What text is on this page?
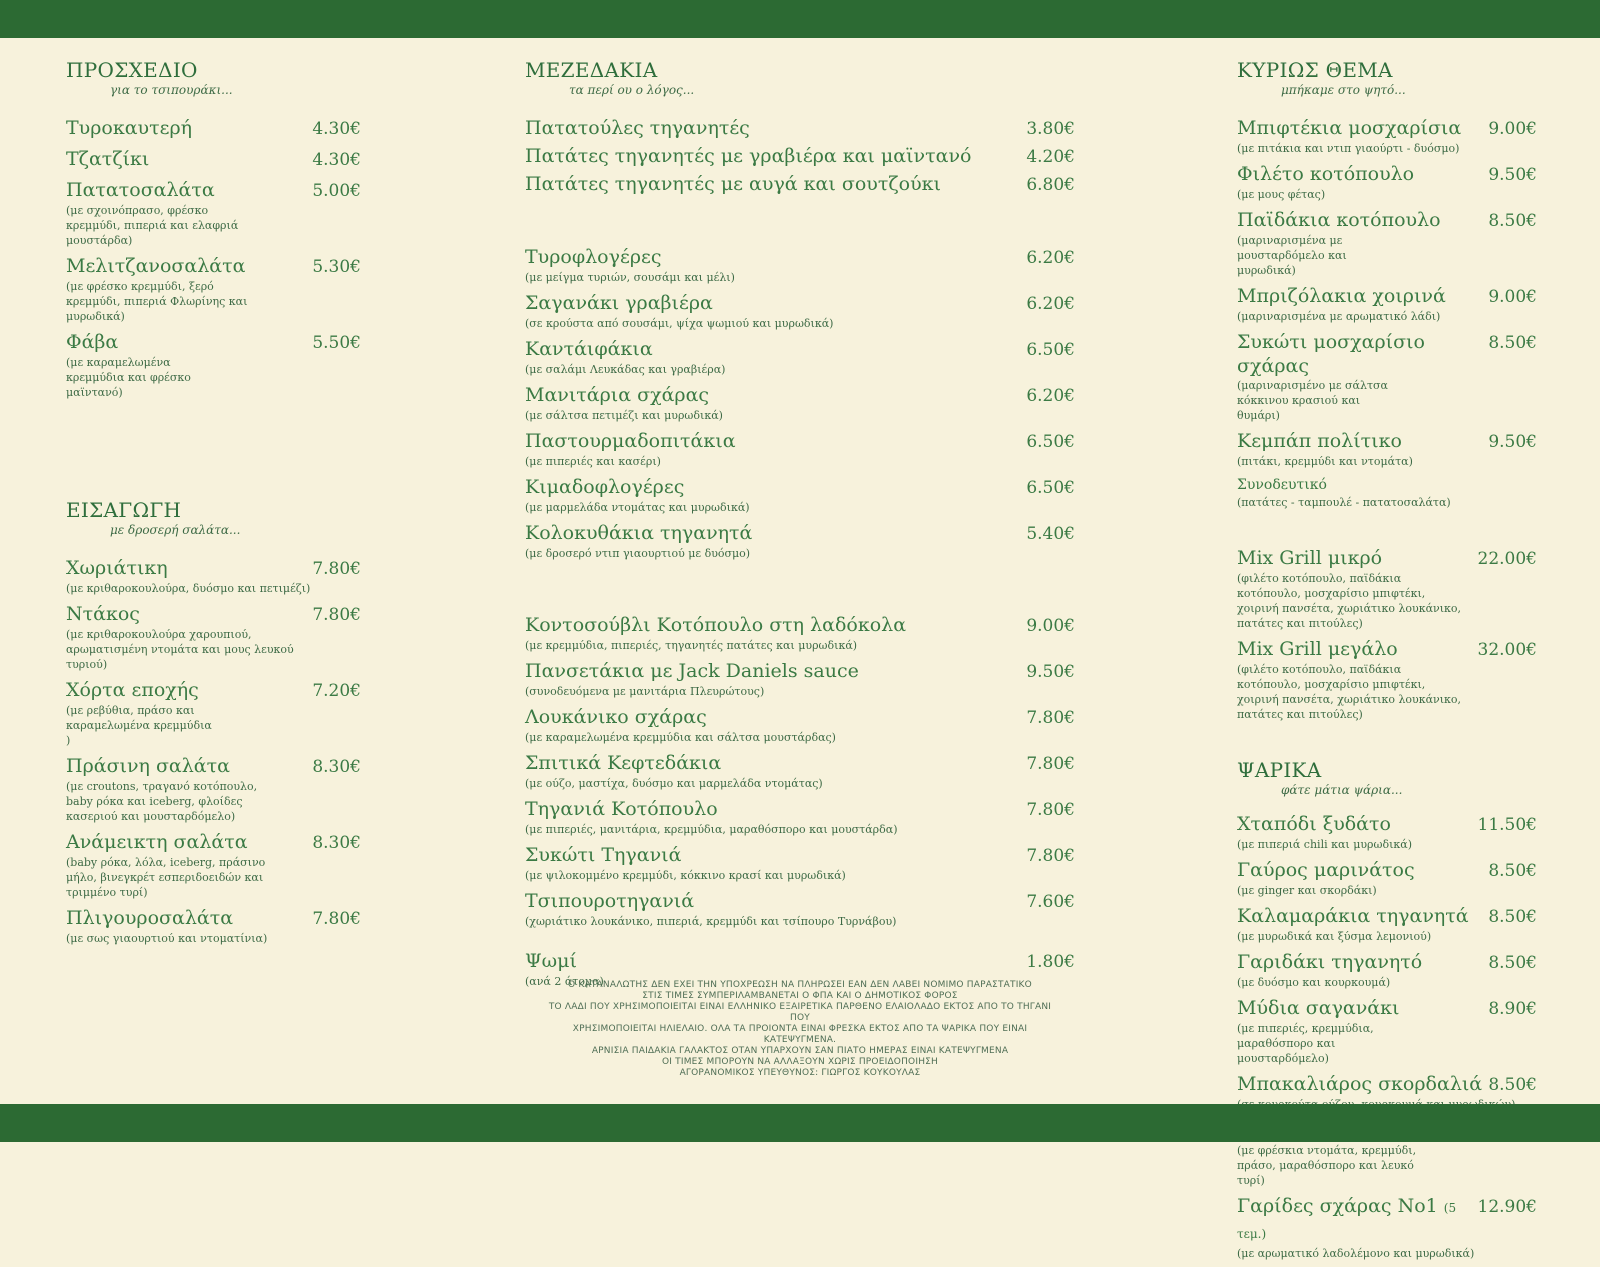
ΠΡΟΣΧΕΔΙΟ
για το τσιπουράκι...
Τυροκαυτερή	4.30€
Τζατζίκι	4.30€
Πατατοσαλάτα	5.00€
(με σχοινόπρασο, φρέσκο κρεμμύδι, πιπεριά και ελαφριά μουστάρδα)
Μελιτζανοσαλάτα	5.30€
(με φρέσκο κρεμμύδι, ξερό κρεμμύδι, πιπεριά Φλωρίνης και μυρωδικά)
Φάβα	5.50€
(με καραμελωμένα κρεμμύδια και φρέσκο μαϊντανό)
ΕΙΣΑΓΩΓΗ
με δροσερή σαλάτα...
Χωριάτικη	7.80€
(με κριθαροκουλούρα, δυόσμο και πετιμέζι)
Ντάκος	7.80€
(με κριθαροκουλούρα χαρουπιού, αρωματισμένη ντομάτα και μους λευκού τυριού)
Χόρτα εποχής	7.20€
(με ρεβύθια, πράσο και καραμελωμένα κρεμμύδια )
Πράσινη σαλάτα	8.30€
(με croutons, τραγανό κοτόπουλο, baby ρόκα και iceberg, φλοίδες κασεριού και μουσταρδόμελο)
Ανάμεικτη σαλάτα	8.30€
(baby ρόκα, λόλα, iceberg, πράσινο μήλο, βινεγκρέτ εσπεριδοειδών και τριμμένο τυρί)
Πλιγουροσαλάτα	7.80€
(με σως γιαουρτιού και ντοματίνια)
ΜΕΖΕΔΑΚΙΑ
τα περί ου ο λόγος...
Πατατούλες τηγανητές	3.80€
Πατάτες τηγανητές με γραβιέρα και μαϊντανό	4.20€
Πατάτες τηγανητές με αυγά και σουτζούκι	6.80€
Τυροφλογέρες	6.20€
(με μείγμα τυριών, σουσάμι και μέλι)
Σαγανάκι γραβιέρα	6.20€
(σε κρούστα από σουσάμι, ψίχα ψωμιού και μυρωδικά)
Καντάιφάκια	6.50€
(με σαλάμι Λευκάδας και γραβιέρα)
Μανιτάρια σχάρας	6.20€
(με σάλτσα πετιμέζι και μυρωδικά)
Παστουρμαδοπιτάκια	6.50€
(με πιπεριές και κασέρι)
Κιμαδοφλογέρες	6.50€
(με μαρμελάδα ντομάτας και μυρωδικά)
Κολοκυθάκια τηγανητά	5.40€
(με δροσερό ντιπ γιαουρτιού με δυόσμο)
Κοντοσούβλι Κοτόπουλο στη λαδόκολα	9.00€
(με κρεμμύδια, πιπεριές, τηγανητές πατάτες και μυρωδικά)
Πανσετάκια με Jack Daniels sauce	9.50€
(συνοδευόμενα με μανιτάρια Πλευρώτους)
Λουκάνικο σχάρας	7.80€
(με καραμελωμένα κρεμμύδια και σάλτσα μουστάρδας)
Σπιτικά Κεφτεδάκια	7.80€
(με ούζο, μαστίχα, δυόσμο και μαρμελάδα ντομάτας)
Τηγανιά Κοτόπουλο	7.80€
(με πιπεριές, μανιτάρια, κρεμμύδια, μαραθόσπορο και μουστάρδα)
Συκώτι Τηγανιά	7.80€
(με ψιλοκομμένο κρεμμύδι, κόκκινο κρασί και μυρωδικά)
Τσιπουροτηγανιά	7.60€
(χωριάτικο λουκάνικο, πιπεριά, κρεμμύδι και τσίπουρο Τυρνάβου)
Ψωμί	1.80€
(ανά 2 άτομα)
ΚΥΡΙΩΣ ΘΕΜΑ
μπήκαμε στο ψητό...
Μπιφτέκια μοσχαρίσια 9.00€
(με πιτάκια και ντιπ γιαούρτι - δυόσμο)
Φιλέτο κοτόπουλο	9.50€
(με μους φέτας)
Παϊδάκια κοτόπουλο	8.50€
(μαριναρισμένα με μουσταρδόμελο και μυρωδικά)
Μπριζόλακια χοιρινά	9.00€
(μαριναρισμένα με αρωματικό λάδι)
Συκώτι μοσχαρίσιο σχάρας
8.50€
(μαριναρισμένο με σάλτσα κόκκινου κρασιού και θυμάρι)
Κεμπάπ πολίτικο	9.50€
(πιτάκι, κρεμμύδι και ντομάτα)
Συνοδευτικό
(πατάτες - ταμπουλέ - πατατοσαλάτα)
Mix Grill μικρό	22.00€
(φιλέτο κοτόπουλο, παϊδάκια κοτόπουλο, μοσχαρίσιο μπιφτέκι, χοιρινή πανσέτα, χωριάτικο λουκάνικο, πατάτες και πιτούλες)
Mix Grill μεγάλο	32.00€
(φιλέτο κοτόπουλο, παϊδάκια κοτόπουλο, μοσχαρίσιο μπιφτέκι, χοιρινή πανσέτα, χωριάτικο λουκάνικο, πατάτες και πιτούλες)
ΨΑΡΙΚΑ
φάτε μάτια ψάρια...
Χταπόδι ξυδάτο	11.50€
(με πιπεριά chili και μυρωδικά)
Γαύρος μαρινάτος	8.50€
(με ginger και σκορδάκι)
Καλαμαράκια τηγανητά 8.50€
(με μυρωδικά και ξύσμα λεμονιού)
Γαριδάκι τηγανητό	8.50€
(με δυόσμο και κουρκουμά)
Μύδια σαγανάκι	8.90€
(με πιπεριές, κρεμμύδια, μαραθόσπορο και μουσταρδόμελο)
Μπακαλιάρος σκορδαλιά 8.50€
(με φρέσκια ντομάτα, κρεμμύδι, πράσο, μαραθόσπορο και λευκό τυρί)
Γαρίδες σχάρας Νο1 (5 τεμ.)
12.90€
(με αρωματικό λαδολέμονο και μυρωδικά)
Ο ΚΑΤΑΝΑΛΩΤΗΣ ΔΕΝ ΕΧΕΙ ΤΗΝ ΥΠΟΧΡΕΩΣΗ ΝΑ ΠΛΗΡΩΣΕΙ ΕΑΝ ΔΕΝ ΛΑΒΕΙ ΝΟΜΙΜΟ ΠΑΡΑΣΤΑΤΙΚΟ
ΣΤΙΣ ΤΙΜΕΣ ΣΥΜΠΕΡΙΛΑΜΒΑΝΕΤΑΙ Ο ΦΠΑ ΚΑΙ Ο ΔΗΜΟΤΙΚΟΣ ΦΟΡΟΣ
ΤΟ ΛΑΔΙ ΠΟΥ ΧΡΗΣΙΜΟΠΟΙΕΙΤΑΙ ΕΙΝΑΙ ΕΛΛΗΝΙΚΟ ΕΞΑΙΡΕΤΙΚΑ ΠΑΡΘΕΝΟ ΕΛΑΙΟΛΑΔΟ ΕΚΤΟΣ ΑΠΟ ΤΟ ΤΗΓΑΝΙ ΠΟΥ
ΧΡΗΣΙΜΟΠΟΙΕΙΤΑΙ ΗΛΙΕΛΑΙΟ. ΟΛΑ ΤΑ ΠΡΟΙΟΝΤΑ ΕΙΝΑΙ ΦΡΕΣΚΑ ΕΚΤΟΣ ΑΠΟ ΤΑ ΨΑΡΙΚΑ ΠΟΥ ΕΙΝΑΙ ΚΑΤΕΨΥΓΜΕΝΑ.
ΑΡΝΙΣΙΑ ΠΑΙΔΑΚΙΑ ΓΑΛΑΚΤΟΣ ΟΤΑΝ ΥΠΑΡΧΟΥΝ ΣΑΝ ΠΙΑΤΟ ΗΜΕΡΑΣ ΕΙΝΑΙ ΚΑΤΕΨΥΓΜΕΝΑ
ΟΙ ΤΙΜΕΣ ΜΠΟΡΟΥΝ ΝΑ ΑΛΛΑΞΟΥΝ ΧΩΡΙΣ ΠΡΟΕΙΔΟΠΟΙΗΣΗ
ΑΓΟΡΑΝΟΜΙΚΟΣ ΥΠΕΥΘΥΝΟΣ: ΓΙΩΡΓΟΣ ΚΟΥΚΟΥΛΑΣ
